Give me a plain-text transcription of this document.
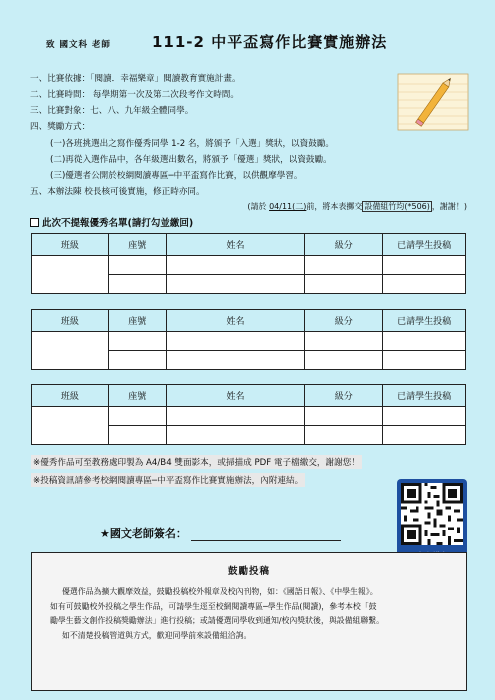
致 國文科 老師	111-2 中平盃寫作比賽實施辦法
一、比賽依據：「閱讀．幸福樂章」閱讀教育實施計畫。
二、比賽時間： 每學期第一次及第二次段考作文時間。
三、比賽對象：七、八、九年級全體同學。
四、獎勵方式：
(一)各班挑選出之寫作優秀同學 1-2 名，將頒予「入選」獎狀，以資鼓勵。
(二)再從入選作品中，各年級選出數名，將頒予「優選」獎狀，以資鼓勵。
(三)優選者公開於校網閱讀專區─中平盃寫作比賽，以供觀摩學習。
五、本辦法陳 校長核可後實施，修正時亦同。
(請於 04/11(二)前，將本表擲交 設備組竹均(*506) ，謝謝！)
此次不提報優秀名單(請打勾並繳回)
班級	座號	姓名	級分	已請學生投稿

班級	座號	姓名	級分	已請學生投稿

班級	座號	姓名	級分	已請學生投稿

※優秀作品可至教務處印製為 A4/B4 雙面影本，或掃描成 PDF 電子檔繳交，謝謝您！
※投稿資訊請參考校網閱讀專區─中平盃寫作比賽實施辦法，內附連結。
★國文老師簽名：
鼓勵投稿

優選作品為擴大觀摩效益，鼓勵投稿校外報章及校內刊物，如：《國語日報》、《中學生報》。

如有可鼓勵校外投稿之學生作品，可請學生逕至校網閱讀專區─學生作品(閱讀)，參考本校「鼓

勵學生藝文創作投稿獎勵辦法」進行投稿；或請優選同學收到通知/校內獎狀後，與設備組聯繫。

如不清楚投稿管道與方式，歡迎同學前來設備組洽詢。
